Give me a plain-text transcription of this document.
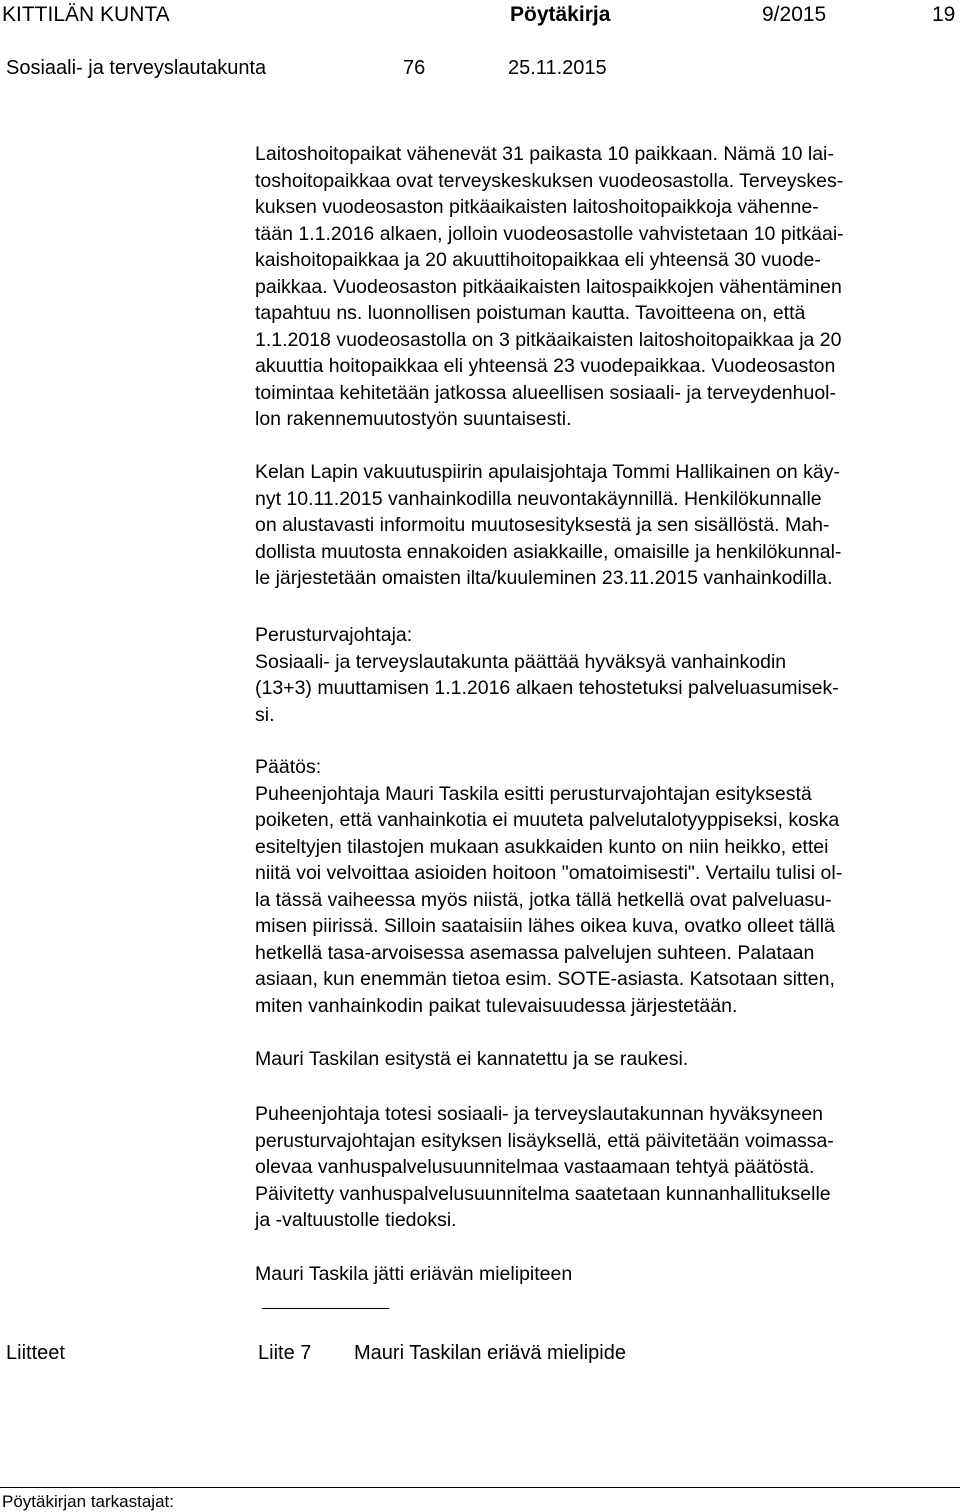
KITTILÄN KUNTA	Pöytäkirja	9/2015	19
Sosiaali- ja terveyslautakunta	76	25.11.2015
Laitoshoitopaikat vähenevät 31 paikasta 10 paikkaan. Nämä 10 lai-
toshoitopaikkaa ovat terveyskeskuksen vuodeosastolla. Terveyskes-
kuksen vuodeosaston pitkäaikaisten laitoshoitopaikkoja vähenne-
tään 1.1.2016 alkaen, jolloin vuodeosastolle vahvistetaan 10 pitkäai-
kaishoitopaikkaa ja 20 akuuttihoitopaikkaa eli yhteensä 30 vuode-
paikkaa. Vuodeosaston pitkäaikaisten laitospaikkojen vähentäminen
tapahtuu ns. luonnollisen poistuman kautta. Tavoitteena on, että
1.1.2018 vuodeosastolla on 3 pitkäaikaisten laitoshoitopaikkaa ja 20
akuuttia hoitopaikkaa eli yhteensä 23 vuodepaikkaa. Vuodeosaston
toimintaa kehitetään jatkossa alueellisen sosiaali- ja terveydenhuol-
lon rakennemuutostyön suuntaisesti.
Kelan Lapin vakuutuspiirin apulaisjohtaja Tommi Hallikainen on käy-
nyt 10.11.2015 vanhainkodilla neuvontakäynnillä. Henkilökunnalle
on alustavasti informoitu muutosesityksestä ja sen sisällöstä. Mah-
dollista muutosta ennakoiden asiakkaille, omaisille ja henkilökunnal-
le järjestetään omaisten ilta/kuuleminen 23.11.2015 vanhainkodilla.
Perusturvajohtaja:
Sosiaali- ja terveyslautakunta päättää hyväksyä vanhainkodin
(13+3) muuttamisen 1.1.2016 alkaen tehostetuksi palveluasumisek-
si.
Päätös:
Puheenjohtaja Mauri Taskila esitti perusturvajohtajan esityksestä
poiketen, että vanhainkotia ei muuteta palvelutalotyyppiseksi, koska
esiteltyjen tilastojen mukaan asukkaiden kunto on niin heikko, ettei
niitä voi velvoittaa asioiden hoitoon "omatoimisesti". Vertailu tulisi ol-
la tässä vaiheessa myös niistä, jotka tällä hetkellä ovat palveluasu-
misen piirissä. Silloin saataisiin lähes oikea kuva, ovatko olleet tällä
hetkellä tasa-arvoisessa asemassa palvelujen suhteen. Palataan
asiaan, kun enemmän tietoa esim. SOTE-asiasta. Katsotaan sitten,
miten vanhainkodin paikat tulevaisuudessa järjestetään.
Mauri Taskilan esitystä ei kannatettu ja se raukesi.
Puheenjohtaja totesi sosiaali- ja terveyslautakunnan hyväksyneen
perusturvajohtajan esityksen lisäyksellä, että päivitetään voimassa-
olevaa vanhuspalvelusuunnitelmaa vastaamaan tehtyä päätöstä.
Päivitetty vanhuspalvelusuunnitelma saatetaan kunnanhallitukselle
ja -valtuustolle tiedoksi.
Mauri Taskila jätti eriävän mielipiteen
Liitteet	Liite 7 Mauri Taskilan eriävä mielipide
Pöytäkirjan tarkastajat:
